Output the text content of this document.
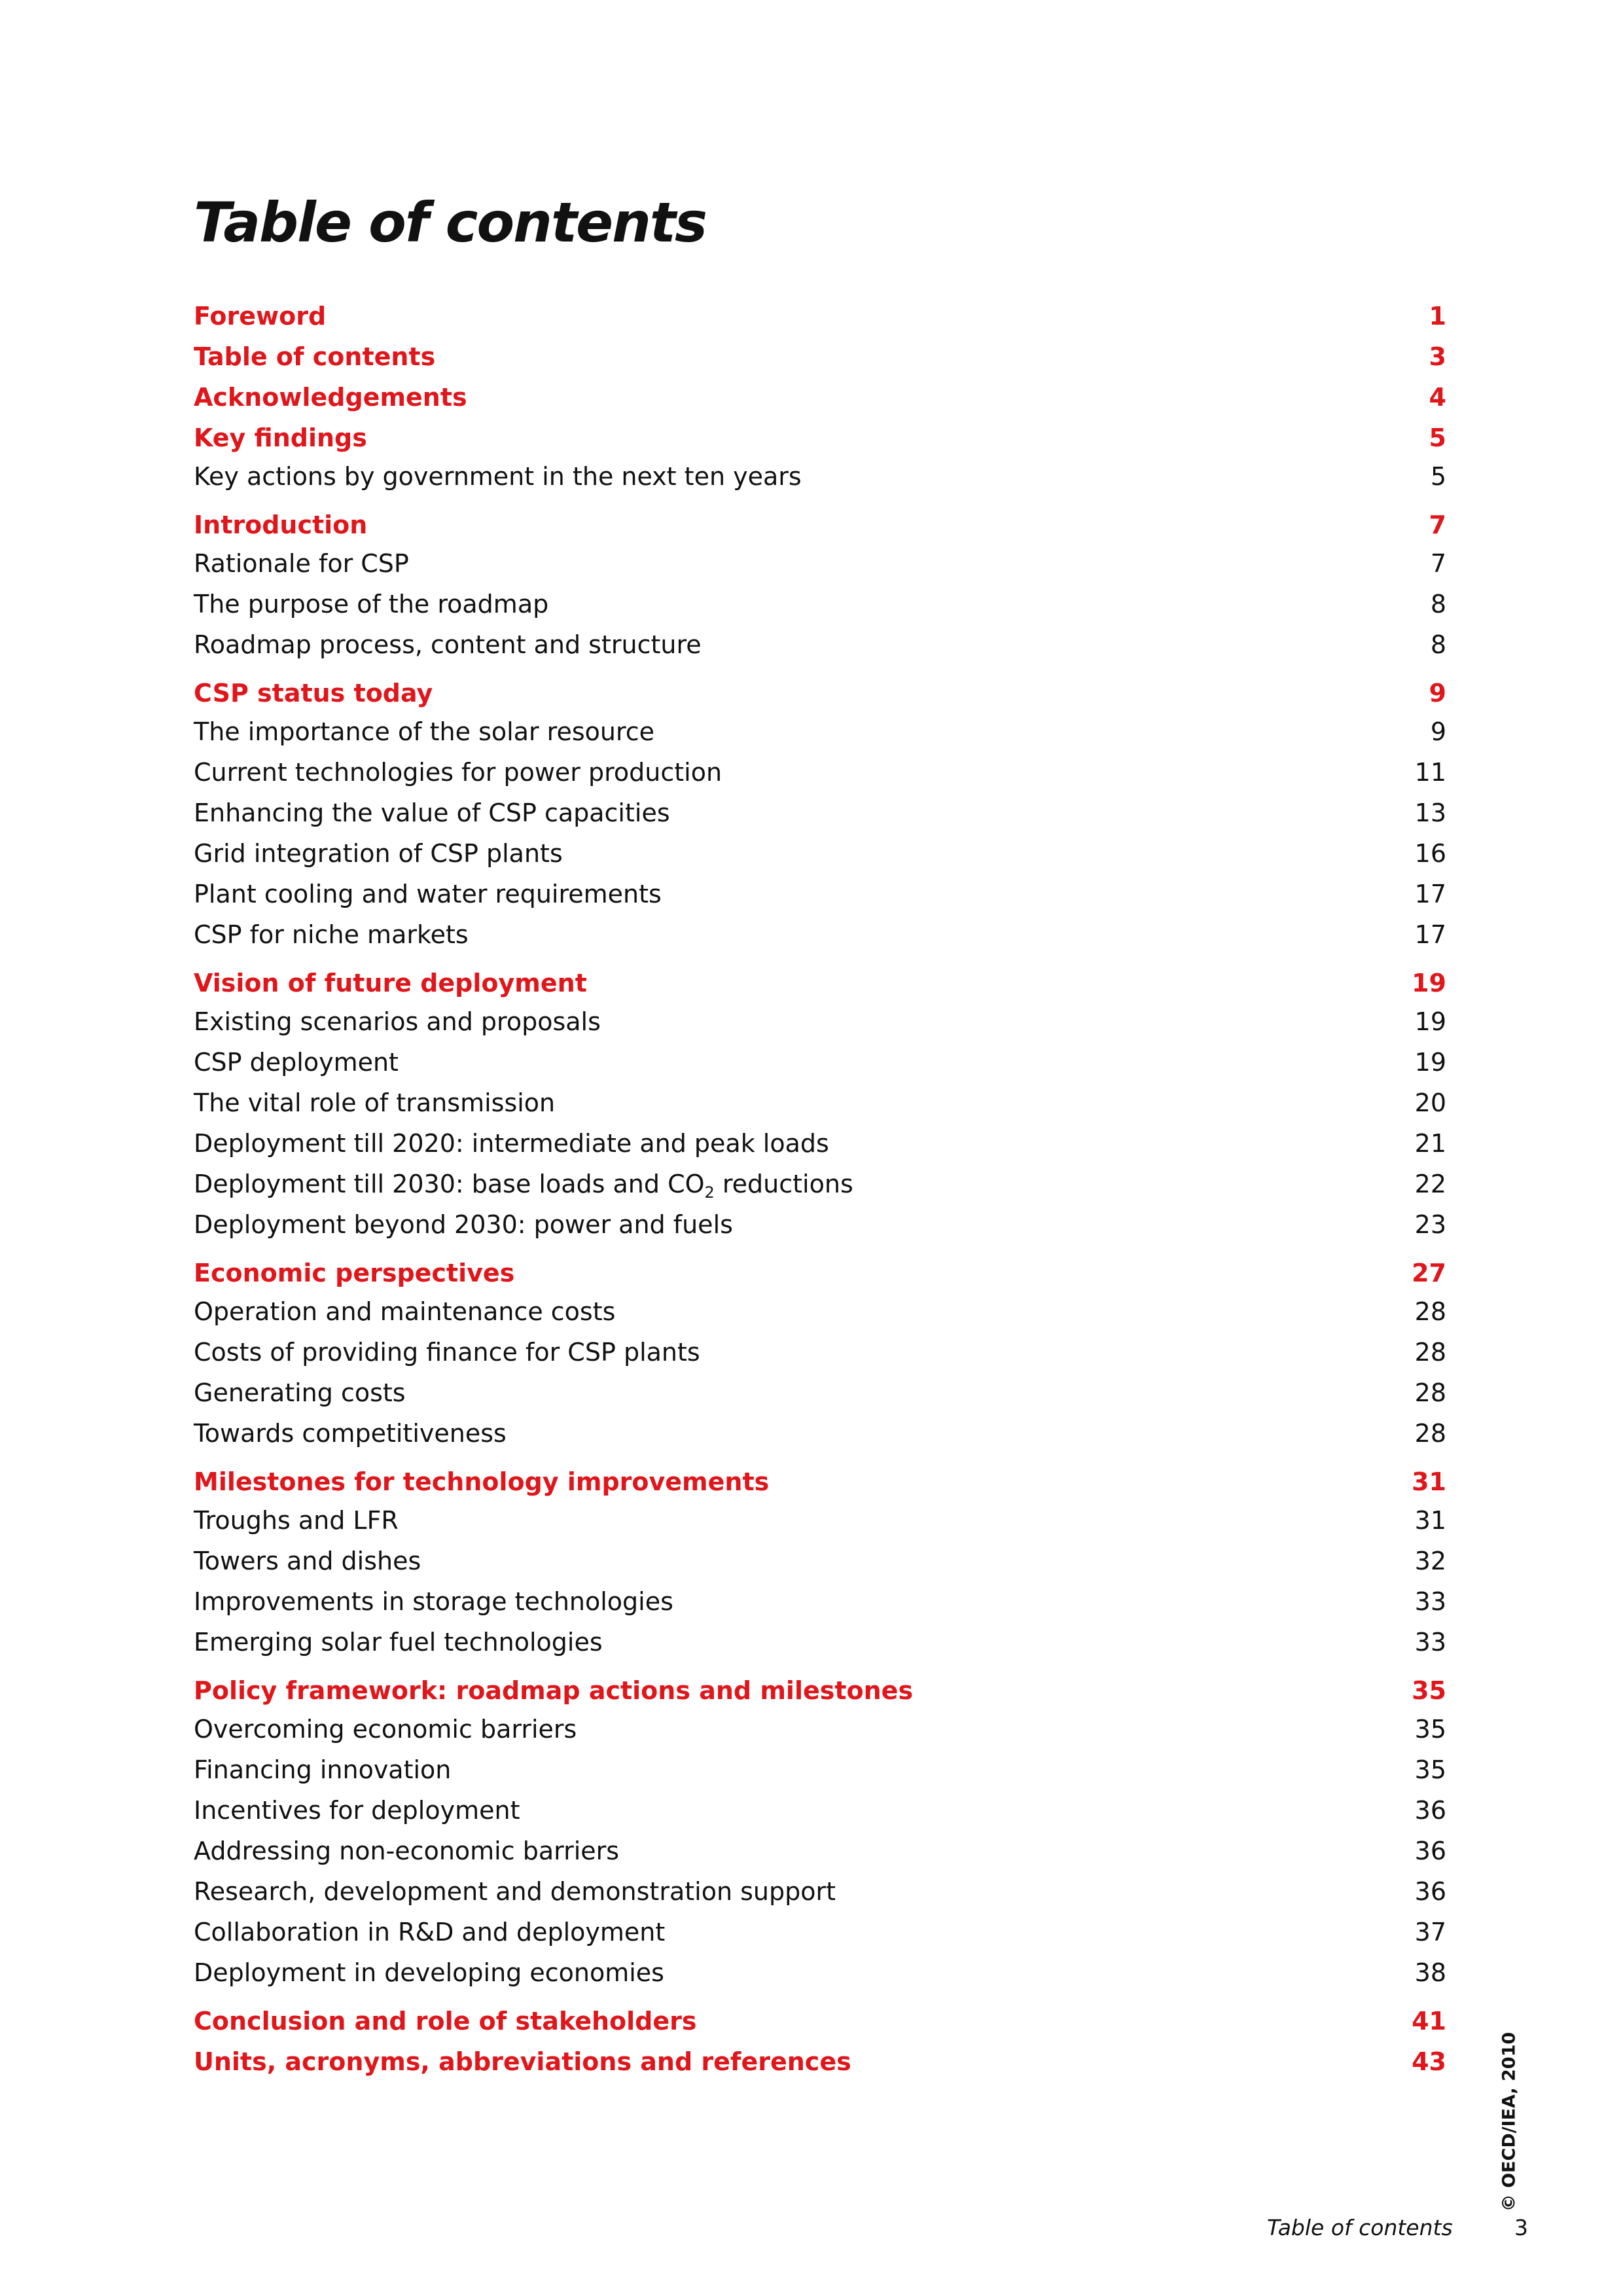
Table of contents
Foreword	1
Table of contents	3
Acknowledgements	4
Key findings	5
Key actions by government in the next ten years	5
Introduction	7
Rationale for CSP	7
The purpose of the roadmap	8
Roadmap process, content and structure	8
CSP status today	9
The importance of the solar resource	9
Current technologies for power production	11
Enhancing the value of CSP capacities	13
Grid integration of CSP plants	16
Plant cooling and water requirements	17
CSP for niche markets	17
Vision of future deployment	19
Existing scenarios and proposals	19
CSP deployment	19
The vital role of transmission	20
Deployment till 2020: intermediate and peak loads	21
Deployment till 2030: base loads and $CO_2$ reductions	22
Deployment beyond 2030: power and fuels	23
Economic perspectives	27
Operation and maintenance costs	28
Costs of providing finance for CSP plants	28
Generating costs	28
Towards competitiveness	28
Milestones for technology improvements	31
Troughs and LFR	31
Towers and dishes	32
Improvements in storage technologies	33
Emerging solar fuel technologies	33
Policy framework: roadmap actions and milestones	35
Overcoming economic barriers	35
Financing innovation	35
Incentives for deployment	36
Addressing non-economic barriers	36
Research, development and demonstration support	36
Collaboration in R&D and deployment	37
Deployment in developing economies	38
Conclusion and role of stakeholders	41
Units, acronyms, abbreviations and references	43	© OECD/IEA, 2010
Table of contents	3
